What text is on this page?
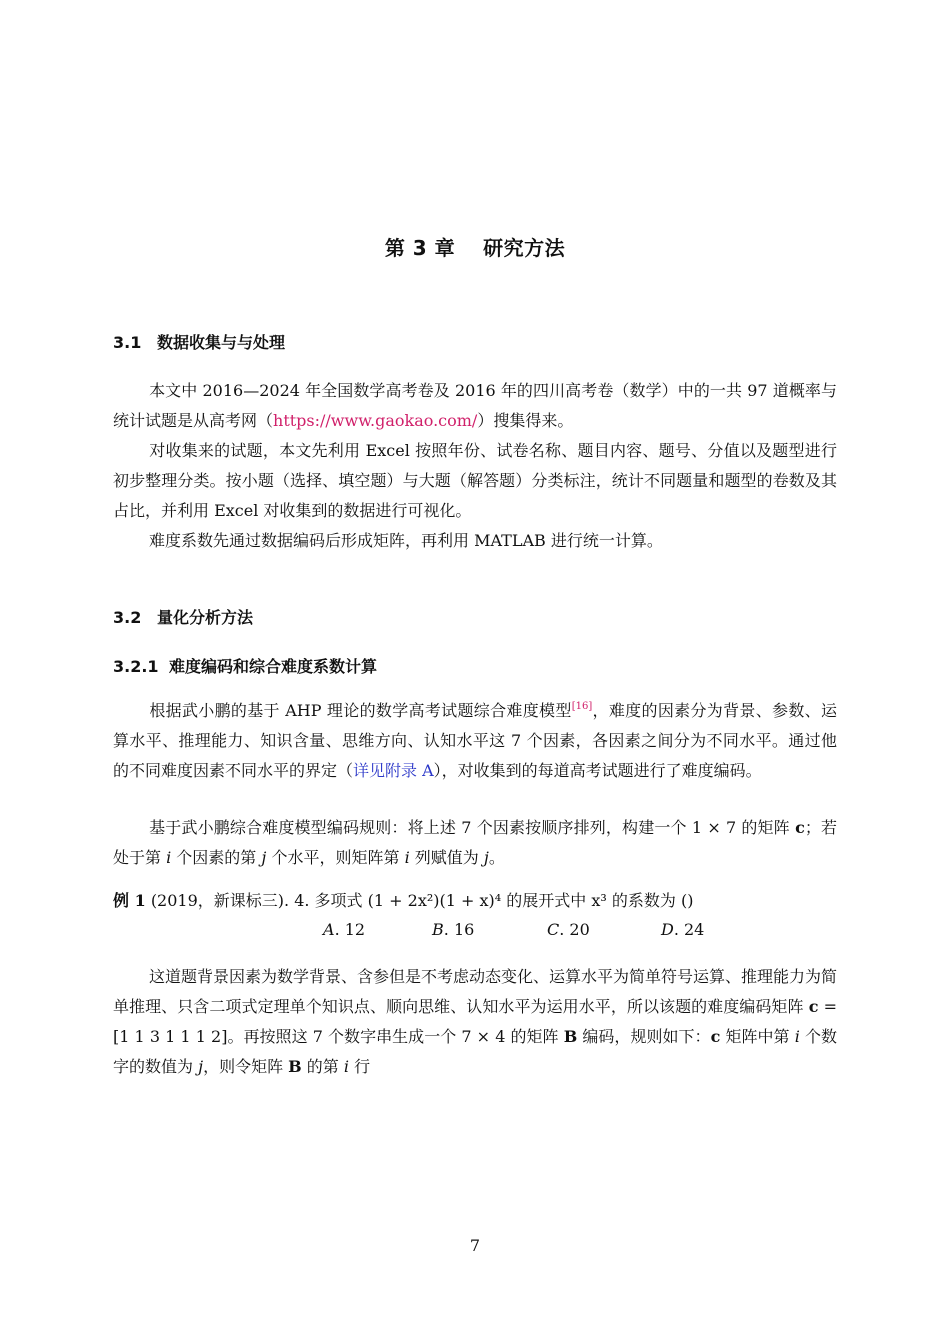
第 3 章 研究方法
3.1 数据收集与与处理

本文中 2016—2024 年全国数学高考卷及 2016 年的四川高考卷（数学）中的一共 97 道概率与统计试题是从高考网（https://www.gaokao.com/）搜集得来。

对收集来的试题，本文先利用 Excel 按照年份、试卷名称、题目内容、题号、分值以及题型进行初步整理分类。按小题（选择、填空题）与大题（解答题）分类标注，统计不同题量和题型的卷数及其占比，并利用 Excel 对收集到的数据进行可视化。

难度系数先通过数据编码后形成矩阵，再利用 MATLAB 进行统一计算。

3.2 量化分析方法
3.2.1 难度编码和综合难度系数计算

根据武小鹏的基于 AHP 理论的数学高考试题综合难度模型[16]，难度的因素分为背景、参数、运算水平、推理能力、知识含量、思维方向、认知水平这 7 个因素，各因素之间分为不同水平。通过他的不同难度因素不同水平的界定（详见附录 A），对收集到的每道高考试题进行了难度编码。

基于武小鹏综合难度模型编码规则：将上述 7 个因素按顺序排列，构建一个 1 × 7 的矩阵 c；若处于第 i 个因素的第 j 个水平，则矩阵第 i 列赋值为 j。

例 1 (2019，新课标三). 4. 多项式 (1 + 2x²)(1 + x)⁴ 的展开式中 x³ 的系数为 ()
A. 12	B. 16	C. 20	D. 24

这道题背景因素为数学背景、含参但是不考虑动态变化、运算水平为简单符号运算、推理能力为简单推理、只含二项式定理单个知识点、顺向思维、认知水平为运用水平，所以该题的难度编码矩阵 c = [1 1 3 1 1 1 2]。再按照这 7 个数字串生成一个 7 × 4 的矩阵 B 编码，规则如下：c 矩阵中第 i 个数字的数值为 j，则令矩阵 B 的第 i 行

7
